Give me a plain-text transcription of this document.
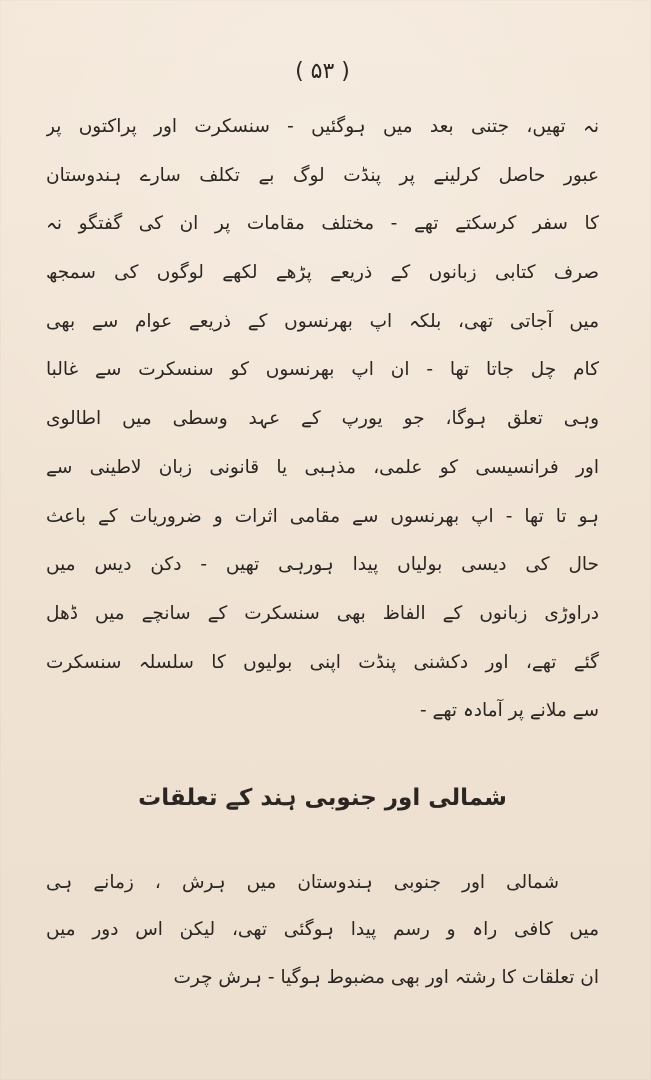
( ۵۳ )
نہ تھیں، جتنی بعد میں ہوگئیں - سنسکرت اور پراکتوں پر
عبور حاصل کرلینے پر پنڈت لوگ بے تکلف سارے ہندوستان
کا سفر کرسکتے تھے - مختلف مقامات پر ان کی گفتگو نہ
صرف کتابی زبانوں کے ذریعے پڑھے لکھے لوگوں کی سمجھ
میں آجاتی تھی، بلکہ اپ بھرنسوں کے ذریعے عوام سے بھی
کام چل جاتا تھا - ان اپ بھرنسوں کو سنسکرت سے غالبا
وہی تعلق ہوگا، جو یورپ کے عہد وسطی میں اطالوی
اور فرانسیسی کو علمی، مذہبی یا قانونی زبان لاطینی سے
ہو تا تھا - اپ بھرنسوں سے مقامی اثرات و ضروریات کے باعث
حال کی دیسی بولیاں پیدا ہورہی تھیں - دکن دیس میں
دراوڑی زبانوں کے الفاظ بھی سنسکرت کے سانچے میں ڈھل
گئے تھے، اور دکشنی پنڈت اپنی بولیوں کا سلسلہ سنسکرت
سے ملانے پر آمادہ تھے -
شمالی اور جنوبی ہند کے تعلقات
شمالی اور جنوبی ہندوستان میں ہرش ، زمانے ہی
میں کافی راہ و رسم پیدا ہوگئی تھی، لیکن اس دور میں
ان تعلقات کا رشتہ اور بھی مضبوط ہوگیا - ہرش چرت
